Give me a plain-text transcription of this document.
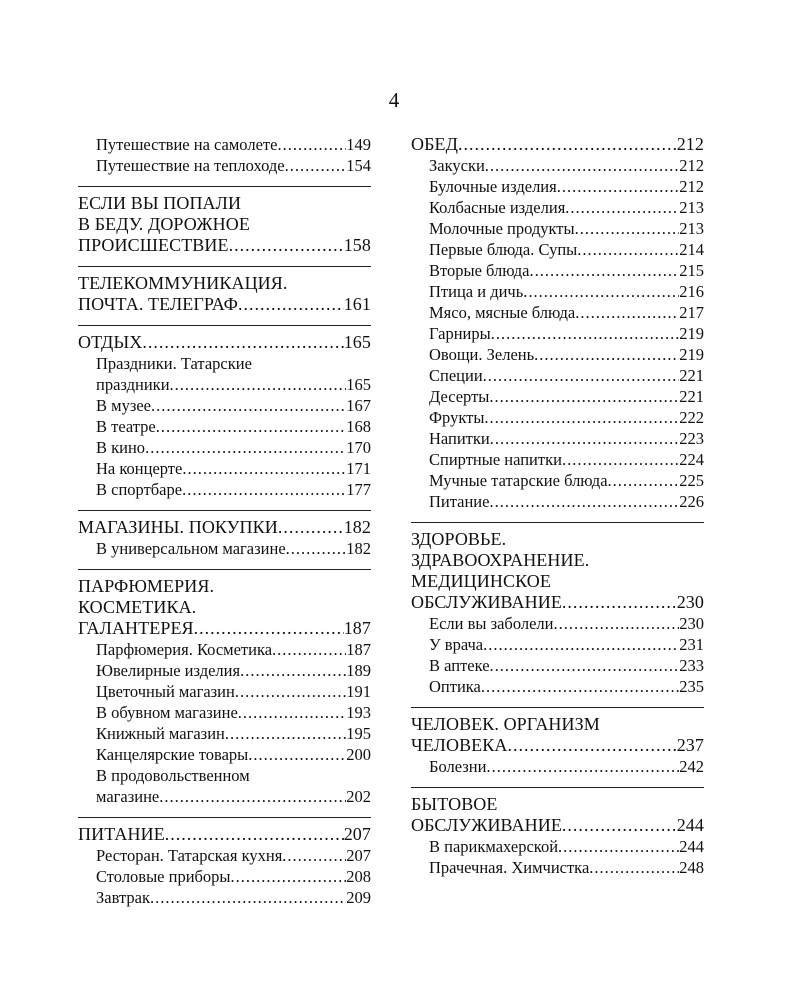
4
Путешествие на самолете .....	149
Путешествие на теплоходе .....	154
ЕСЛИ ВЫ ПОПАЛИ
В БЕДУ. ДОРОЖНОЕ
ПРОИСШЕСТВИЕ .....	158
ТЕЛЕКОММУНИКАЦИЯ.
ПОЧТА. ТЕЛЕГРАФ .....	161
ОТДЫХ .....	165
Праздники. Татарские
праздники .....	165
В музее .....	167
В театре .....	168
В кино .....	170
На концерте .....	171
В спортбаре .....	177
МАГАЗИНЫ. ПОКУПКИ .....	182
В универсальном магазине .....	182
ПАРФЮМЕРИЯ.
КОСМЕТИКА.
ГАЛАНТЕРЕЯ .....	187
Парфюмерия. Косметика .....	187
Ювелирные изделия .....	189
Цветочный магазин .....	191
В обувном магазине .....	193
Книжный магазин .....	195
Канцелярские товары .....	200
В продовольственном
магазине .....	202
ПИТАНИЕ .....	207
Ресторан. Татарская кухня .....	207
Столовые приборы .....	208
Завтрак .....	209
ОБЕД .....	212
Закуски .....	212
Булочные изделия .....	212
Колбасные изделия .....	213
Молочные продукты .....	213
Первые блюда. Супы .....	214
Вторые блюда .....	215
Птица и дичь .....	216
Мясо, мясные блюда .....	217
Гарниры .....	219
Овощи. Зелень .....	219
Специи .....	221
Десерты .....	221
Фрукты .....	222
Напитки .....	223
Спиртные напитки .....	224
Мучные татарские блюда .....	225
Питание .....	226
ЗДОРОВЬЕ.
ЗДРАВООХРАНЕНИЕ.
МЕДИЦИНСКОЕ
ОБСЛУЖИВАНИЕ .....	230
Если вы заболели .....	230
У врача .....	231
В аптеке .....	233
Оптика .....	235
ЧЕЛОВЕК. ОРГАНИЗМ
ЧЕЛОВЕКА .....	237
Болезни .....	242
БЫТОВОЕ
ОБСЛУЖИВАНИЕ .....	244
В парикмахерской .....	244
Прачечная. Химчистка .....	248
